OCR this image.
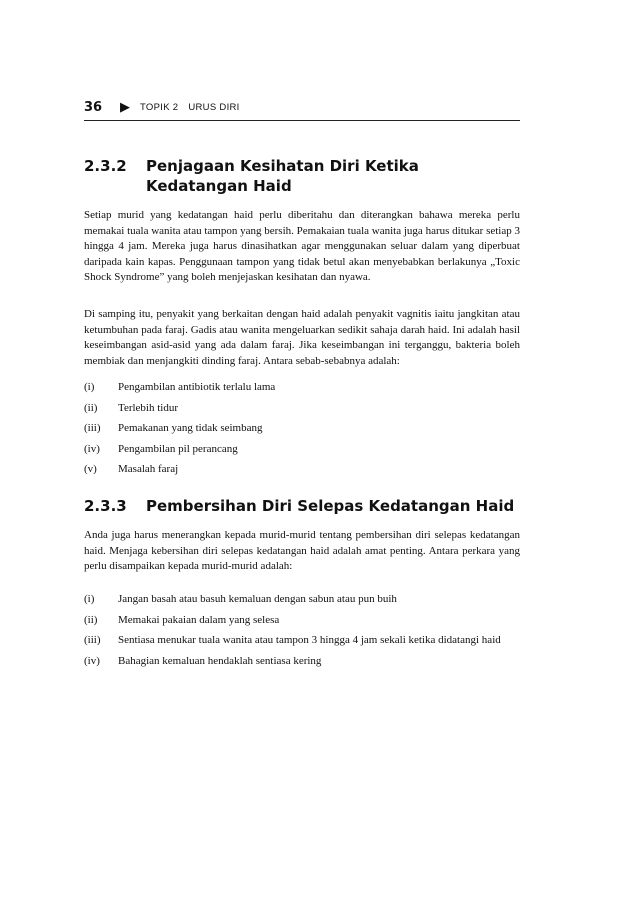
36 ▶ TOPIK 2 URUS DIRI
2.3.2 Penjagaan Kesihatan Diri Ketika Kedatangan Haid

Setiap murid yang kedatangan haid perlu diberitahu dan diterangkan bahawa mereka perlu memakai tuala wanita atau tampon yang bersih. Pemakaian tuala wanita juga harus ditukar setiap 3 hingga 4 jam. Mereka juga harus dinasihatkan agar menggunakan seluar dalam yang diperbuat daripada kain kapas. Penggunaan tampon yang tidak betul akan menyebabkan berlakunya „Toxic Shock Syndrome” yang boleh menjejaskan kesihatan dan nyawa.

Di samping itu, penyakit yang berkaitan dengan haid adalah penyakit vagnitis iaitu jangkitan atau ketumbuhan pada faraj. Gadis atau wanita mengeluarkan sedikit sahaja darah haid. Ini adalah hasil keseimbangan asid-asid yang ada dalam faraj. Jika keseimbangan ini terganggu, bakteria boleh membiak dan menjangkiti dinding faraj. Antara sebab-sebabnya adalah:

(i) Pengambilan antibiotik terlalu lama
(ii) Terlebih tidur
(iii) Pemakanan yang tidak seimbang
(iv) Pengambilan pil perancang
(v) Masalah faraj
2.3.3 Pembersihan Diri Selepas Kedatangan Haid

Anda juga harus menerangkan kepada murid-murid tentang pembersihan diri selepas kedatangan haid. Menjaga kebersihan diri selepas kedatangan haid adalah amat penting. Antara perkara yang perlu disampaikan kepada murid-murid adalah:

(i) Jangan basah atau basuh kemaluan dengan sabun atau pun buih
(ii) Memakai pakaian dalam yang selesa
(iii) Sentiasa menukar tuala wanita atau tampon 3 hingga 4 jam sekali ketika didatangi haid
(iv) Bahagian kemaluan hendaklah sentiasa kering
